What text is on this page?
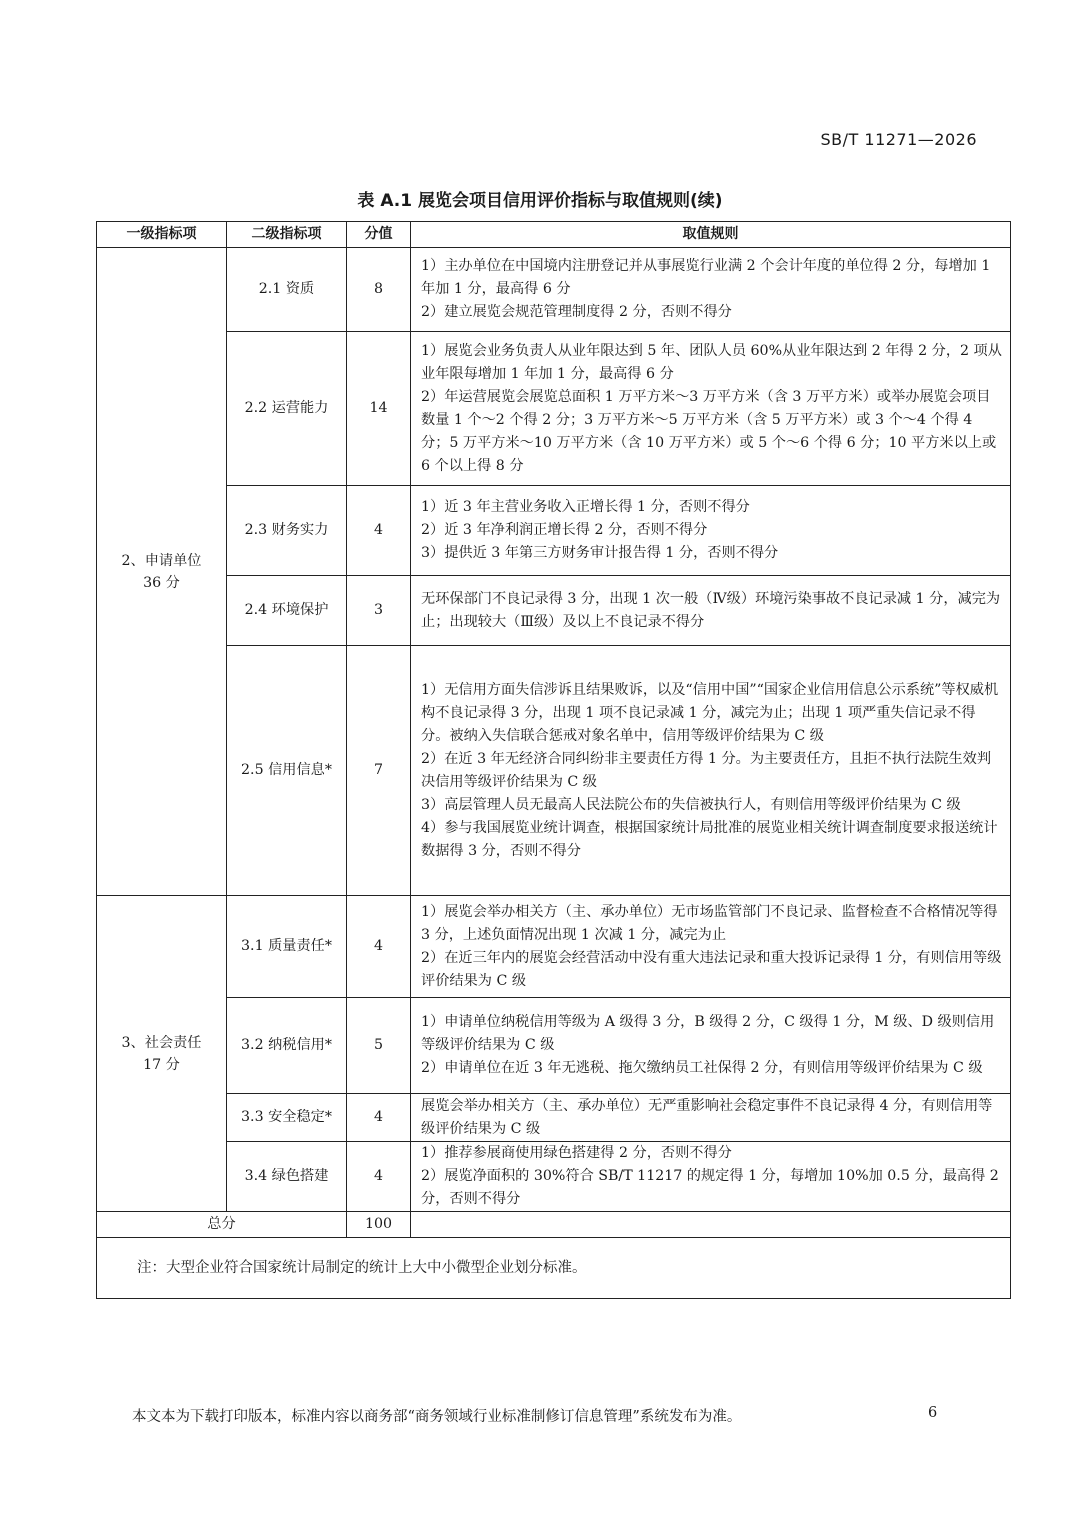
SB/T 11271—2026
表 A.1 展览会项目信用评价指标与取值规则(续)
一级指标项	二级指标项	分值	取值规则

2、申请单位
36 分	2.1 资质	8	1）主办单位在中国境内注册登记并从事展览行业满 2 个会计年度的单位得 2 分，每增加 1 年加 1 分，最高得 6 分
2）建立展览会规范管理制度得 2 分，否则不得分

	2.2 运营能力	14	1）展览会业务负责人从业年限达到 5 年、团队人员 60%从业年限达到 2 年得 2 分，2 项从业年限每增加 1 年加 1 分，最高得 6 分
2）年运营展览会展览总面积 1 万平方米～3 万平方米（含 3 万平方米）或举办展览会项目数量 1 个～2 个得 2 分；3 万平方米～5 万平方米（含 5 万平方米）或 3 个～4 个得 4 分；5 万平方米～10 万平方米（含 10 万平方米）或 5 个～6 个得 6 分；10 平方米以上或 6 个以上得 8 分

	2.3 财务实力	4	1）近 3 年主营业务收入正增长得 1 分，否则不得分
2）近 3 年净利润正增长得 2 分，否则不得分
3）提供近 3 年第三方财务审计报告得 1 分，否则不得分

	2.4 环境保护	3	无环保部门不良记录得 3 分，出现 1 次一般（Ⅳ级）环境污染事故不良记录减 1 分，减完为止；出现较大（Ⅲ级）及以上不良记录不得分

	2.5 信用信息*	7	1）无信用方面失信涉诉且结果败诉，以及“信用中国”“国家企业信用信息公示系统”等权威机构不良记录得 3 分，出现 1 项不良记录减 1 分，减完为止；出现 1 项严重失信记录不得分。被纳入失信联合惩戒对象名单中，信用等级评价结果为 C 级
2）在近 3 年无经济合同纠纷非主要责任方得 1 分。为主要责任方，且拒不执行法院生效判决信用等级评价结果为 C 级
3）高层管理人员无最高人民法院公布的失信被执行人，有则信用等级评价结果为 C 级
4）参与我国展览业统计调查，根据国家统计局批准的展览业相关统计调查制度要求报送统计数据得 3 分，否则不得分

3、社会责任
17 分	3.1 质量责任*	4	1）展览会举办相关方（主、承办单位）无市场监管部门不良记录、监督检查不合格情况等得 3 分，上述负面情况出现 1 次减 1 分，减完为止
2）在近三年内的展览会经营活动中没有重大违法记录和重大投诉记录得 1 分，有则信用等级评价结果为 C 级

	3.2 纳税信用*	5	1）申请单位纳税信用等级为 A 级得 3 分，B 级得 2 分，C 级得 1 分，M 级、D 级则信用等级评价结果为 C 级
2）申请单位在近 3 年无逃税、拖欠缴纳员工社保得 2 分，有则信用等级评价结果为 C 级

	3.3 安全稳定*	4	展览会举办相关方（主、承办单位）无严重影响社会稳定事件不良记录得 4 分，有则信用等级评价结果为 C 级

	3.4 绿色搭建	4	1）推荐参展商使用绿色搭建得 2 分，否则不得分
2）展览净面积的 30%符合 SB/T 11217 的规定得 1 分，每增加 10%加 0.5 分，最高得 2 分，否则不得分

总分		100	
注：大型企业符合国家统计局制定的统计上大中小微型企业划分标准。			
本文本为下载打印版本，标准内容以商务部“商务领域行业标准制修订信息管理”系统发布为准。	6
